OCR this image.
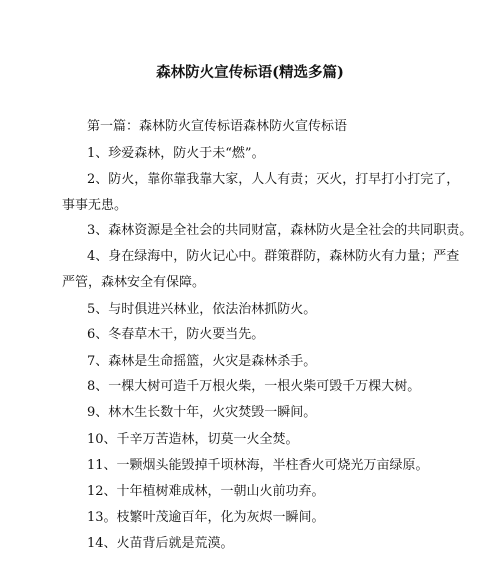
森林防火宣传标语(精选多篇)
第一篇：森林防火宣传标语森林防火宣传标语
1、珍爱森林，防火于未“燃”。
2、防火，靠你靠我靠大家，人人有责；灭火，打早打小打完了，
事事无患。
3、森林资源是全社会的共同财富，森林防火是全社会的共同职责。
4、身在绿海中，防火记心中。群策群防，森林防火有力量；严查
严管，森林安全有保障。
5、与时俱进兴林业，依法治林抓防火。
6、冬春草木干，防火要当先。
7、森林是生命摇篮，火灾是森林杀手。
8、一棵大树可造千万根火柴，一根火柴可毁千万棵大树。
9、林木生长数十年，火灾焚毁一瞬间。
10、千辛万苦造林，切莫一火全焚。
11、一颗烟头能毁掉千顷林海，半柱香火可烧光万亩绿原。
12、十年植树难成林，一朝山火前功弃。
13。枝繁叶茂逾百年，化为灰烬一瞬间。
14、火苗背后就是荒漠。
